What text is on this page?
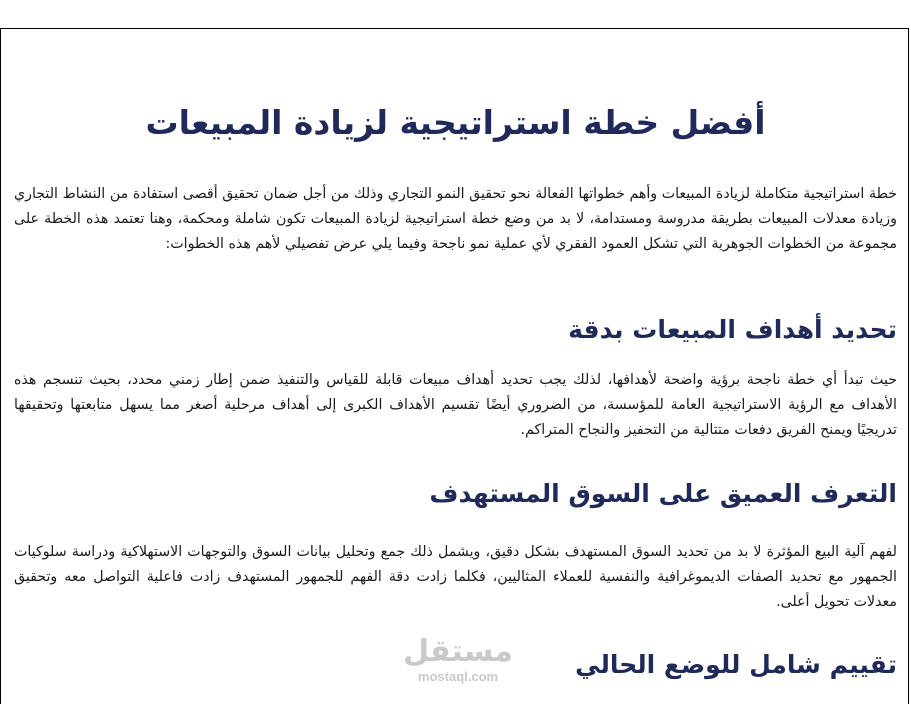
أفضل خطة استراتيجية لزيادة المبيعات

خطة استراتيجية متكاملة لزيادة المبيعات وأهم خطواتها الفعالة نحو تحقيق النمو التجاري وذلك من أجل ضمان تحقيق أقصى استفادة من النشاط التجاري وزيادة معدلات المبيعات بطريقة مدروسة ومستدامة، لا بد من وضع خطة استراتيجية لزيادة المبيعات تكون شاملة ومحكمة، وهنا تعتمد هذه الخطة على مجموعة من الخطوات الجوهرية التي تشكل العمود الفقري لأي عملية نمو ناجحة وفيما يلي عرض تفصيلي لأهم هذه الخطوات:

تحديد أهداف المبيعات بدقة

حيث تبدأ أي خطة ناجحة برؤية واضحة لأهدافها، لذلك يجب تحديد أهداف مبيعات قابلة للقياس والتنفيذ ضمن إطار زمني محدد، بحيث تنسجم هذه الأهداف مع الرؤية الاستراتيجية العامة للمؤسسة، من الضروري أيضًا تقسيم الأهداف الكبرى إلى أهداف مرحلية أصغر مما يسهل متابعتها وتحقيقها تدريجيًا ويمنح الفريق دفعات متتالية من التحفيز والنجاح المتراكم.

التعرف العميق على السوق المستهدف

لفهم آلية البيع المؤثرة لا بد من تحديد السوق المستهدف بشكل دقيق، ويشمل ذلك جمع وتحليل بيانات السوق والتوجهات الاستهلاكية ودراسة سلوكيات الجمهور مع تحديد الصفات الديموغرافية والنفسية للعملاء المثاليين، فكلما زادت دقة الفهم للجمهور المستهدف زادت فاعلية التواصل معه وتحقيق معدلات تحويل أعلى.

تقييم شامل للوضع الحالي
مستقل
mostaql.com
